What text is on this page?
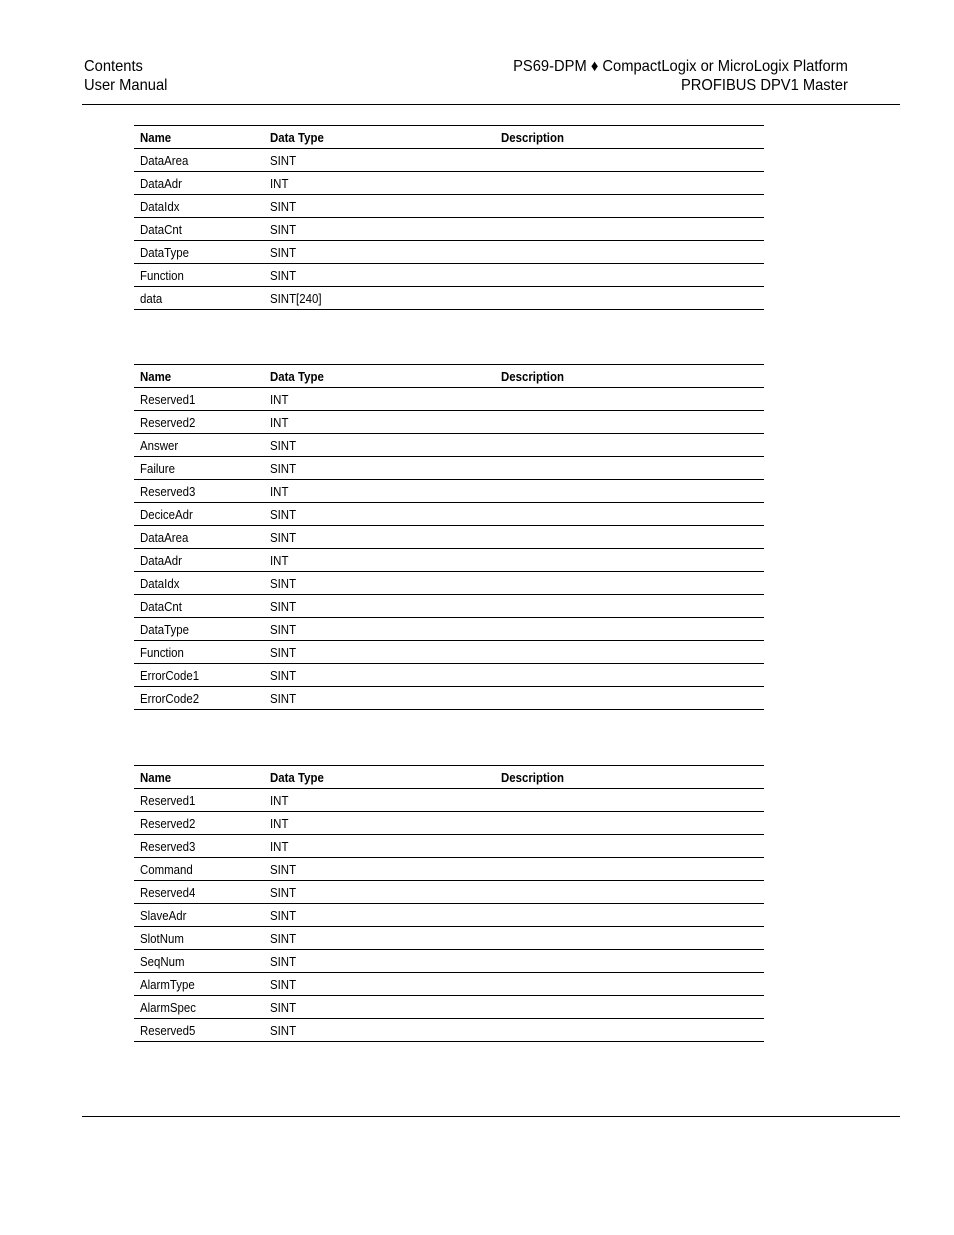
Contents
User Manual
PS69-DPM ♦ CompactLogix or MicroLogix Platform
PROFIBUS DPV1 Master
Name	Data Type	Description
DataArea	SINT	
DataAdr	INT	
DataIdx	SINT	
DataCnt	SINT	
DataType	SINT	
Function	SINT	
data	SINT[240]	
Name	Data Type	Description
Reserved1	INT	
Reserved2	INT	
Answer	SINT	
Failure	SINT	
Reserved3	INT	
DeciceAdr	SINT	
DataArea	SINT	
DataAdr	INT	
DataIdx	SINT	
DataCnt	SINT	
DataType	SINT	
Function	SINT	
ErrorCode1	SINT	
ErrorCode2	SINT	
Name	Data Type	Description
Reserved1	INT	
Reserved2	INT	
Reserved3	INT	
Command	SINT	
Reserved4	SINT	
SlaveAdr	SINT	
SlotNum	SINT	
SeqNum	SINT	
AlarmType	SINT	
AlarmSpec	SINT	
Reserved5	SINT	
